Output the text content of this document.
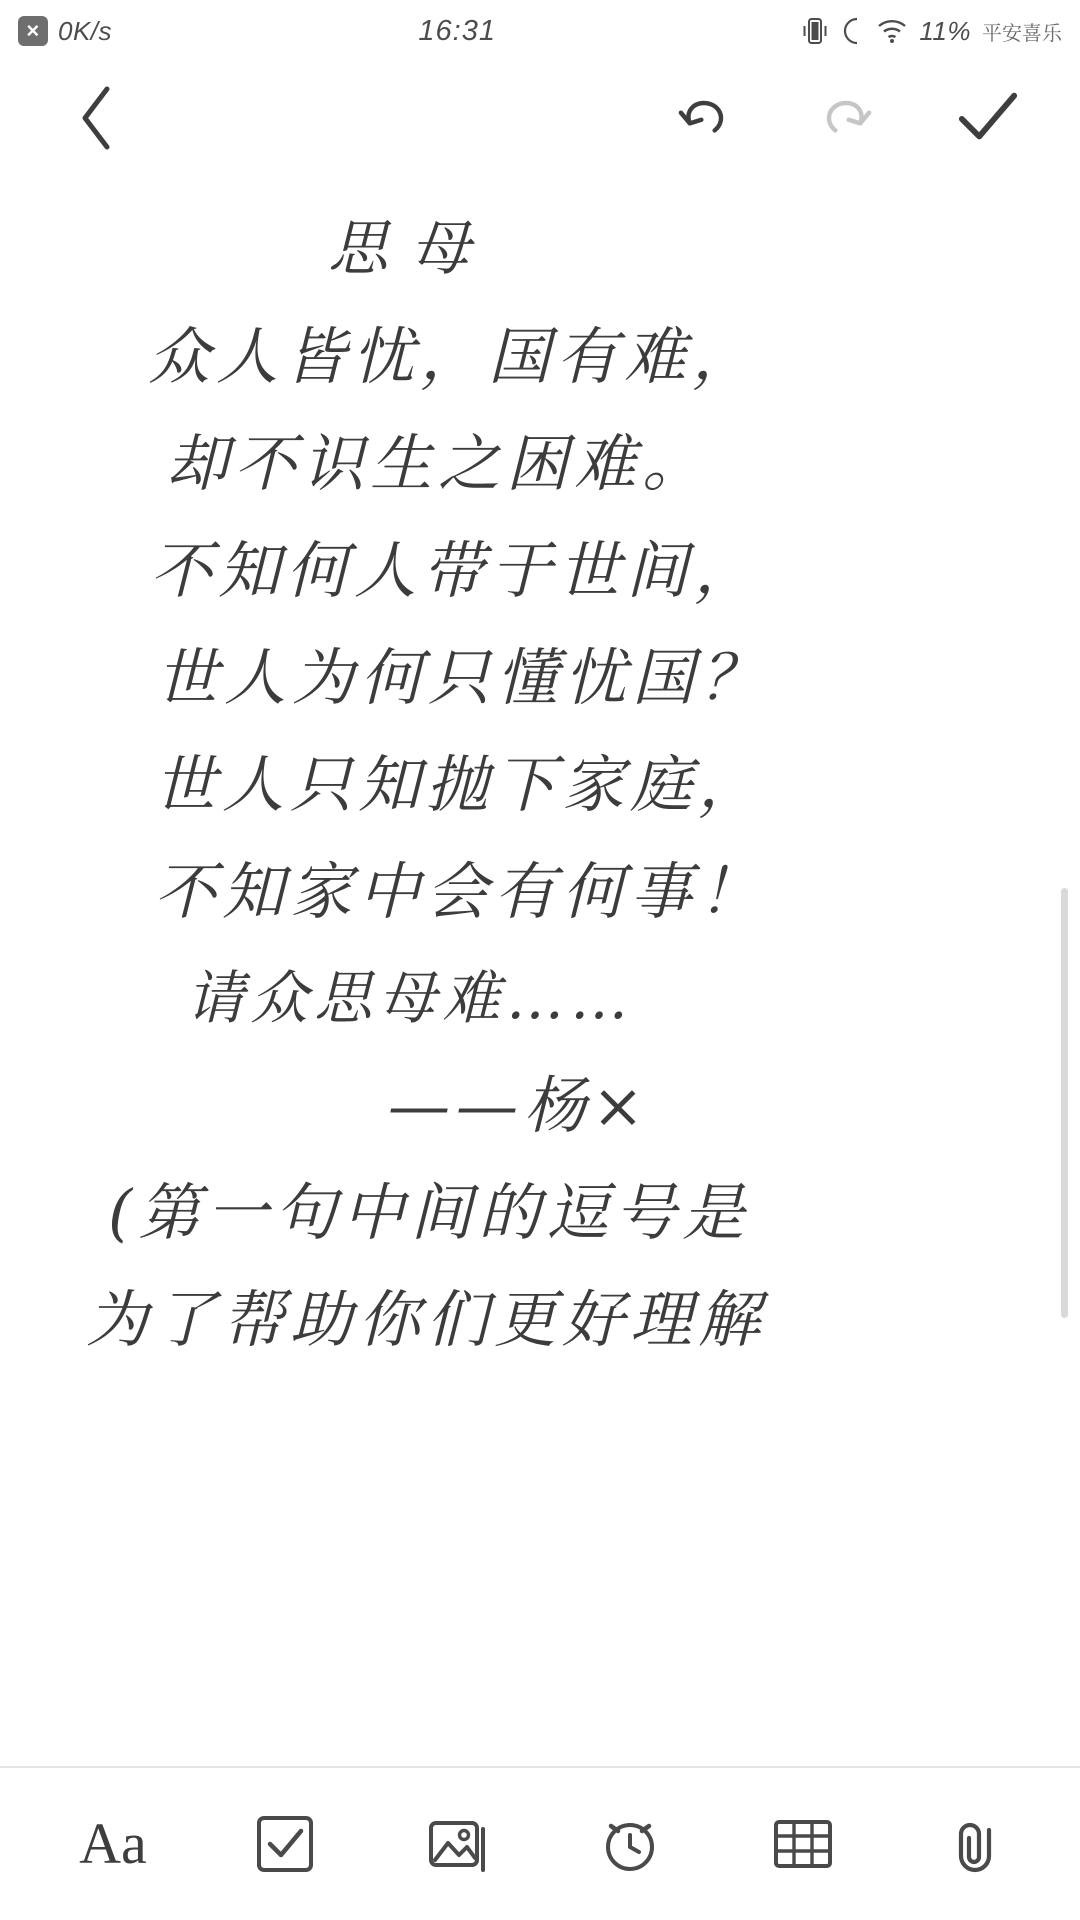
× 0K/s	16:31	11% 平安喜乐
思母
众人皆忧，国有难，
却不识生之困难。
不知何人带于世间，
世人为何只懂忧国？
世人只知抛下家庭，
不知家中会有何事！
请众思母难……
——杨×
(第一句中间的逗号是
为了帮助你们更好理解
Aa
